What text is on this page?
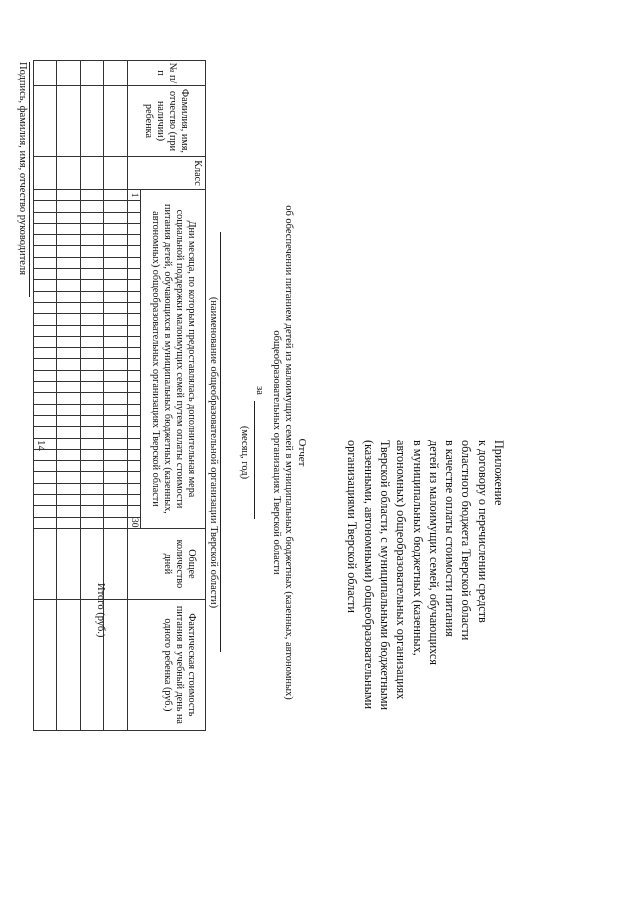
14	Приложение
к договору о перечислении средств
областного бюджета Тверской области
в качестве оплаты стоимости питания
детей из малоимущих семей, обучающихся
в муниципальных бюджетных (казенных,
автономных) общеобразовательных организациях
Тверской области, с муниципальными бюджетными
(казенными, автономными) общеобразовательными
организациями Тверской области
Отчет
об обеспечении питанием детей из малоимущих семей в муниципальных бюджетных (казенных, автономных)
общеобразовательных организациях Тверской области
за
(месяц, год)
(наименование общеобразовательной организации Тверской области)
№ п/п	Фамилия, имя, отчество (при наличии) ребенка	Класс	Дни месяца, по которым предоставлялась дополнительная мера социальной поддержки малоимущих семей путем оплаты стоимости питания детей, обучающихся в муниципальных бюджетных (казенных, автономных) общеобразовательных организациях Тверской области																														Общее количество дней	Фактическая стоимость питания в учебный день на одного ребенка (руб.)
			1																													30		

Итого (руб.)
Подпись, фамилия, имя, отчество руководителя
